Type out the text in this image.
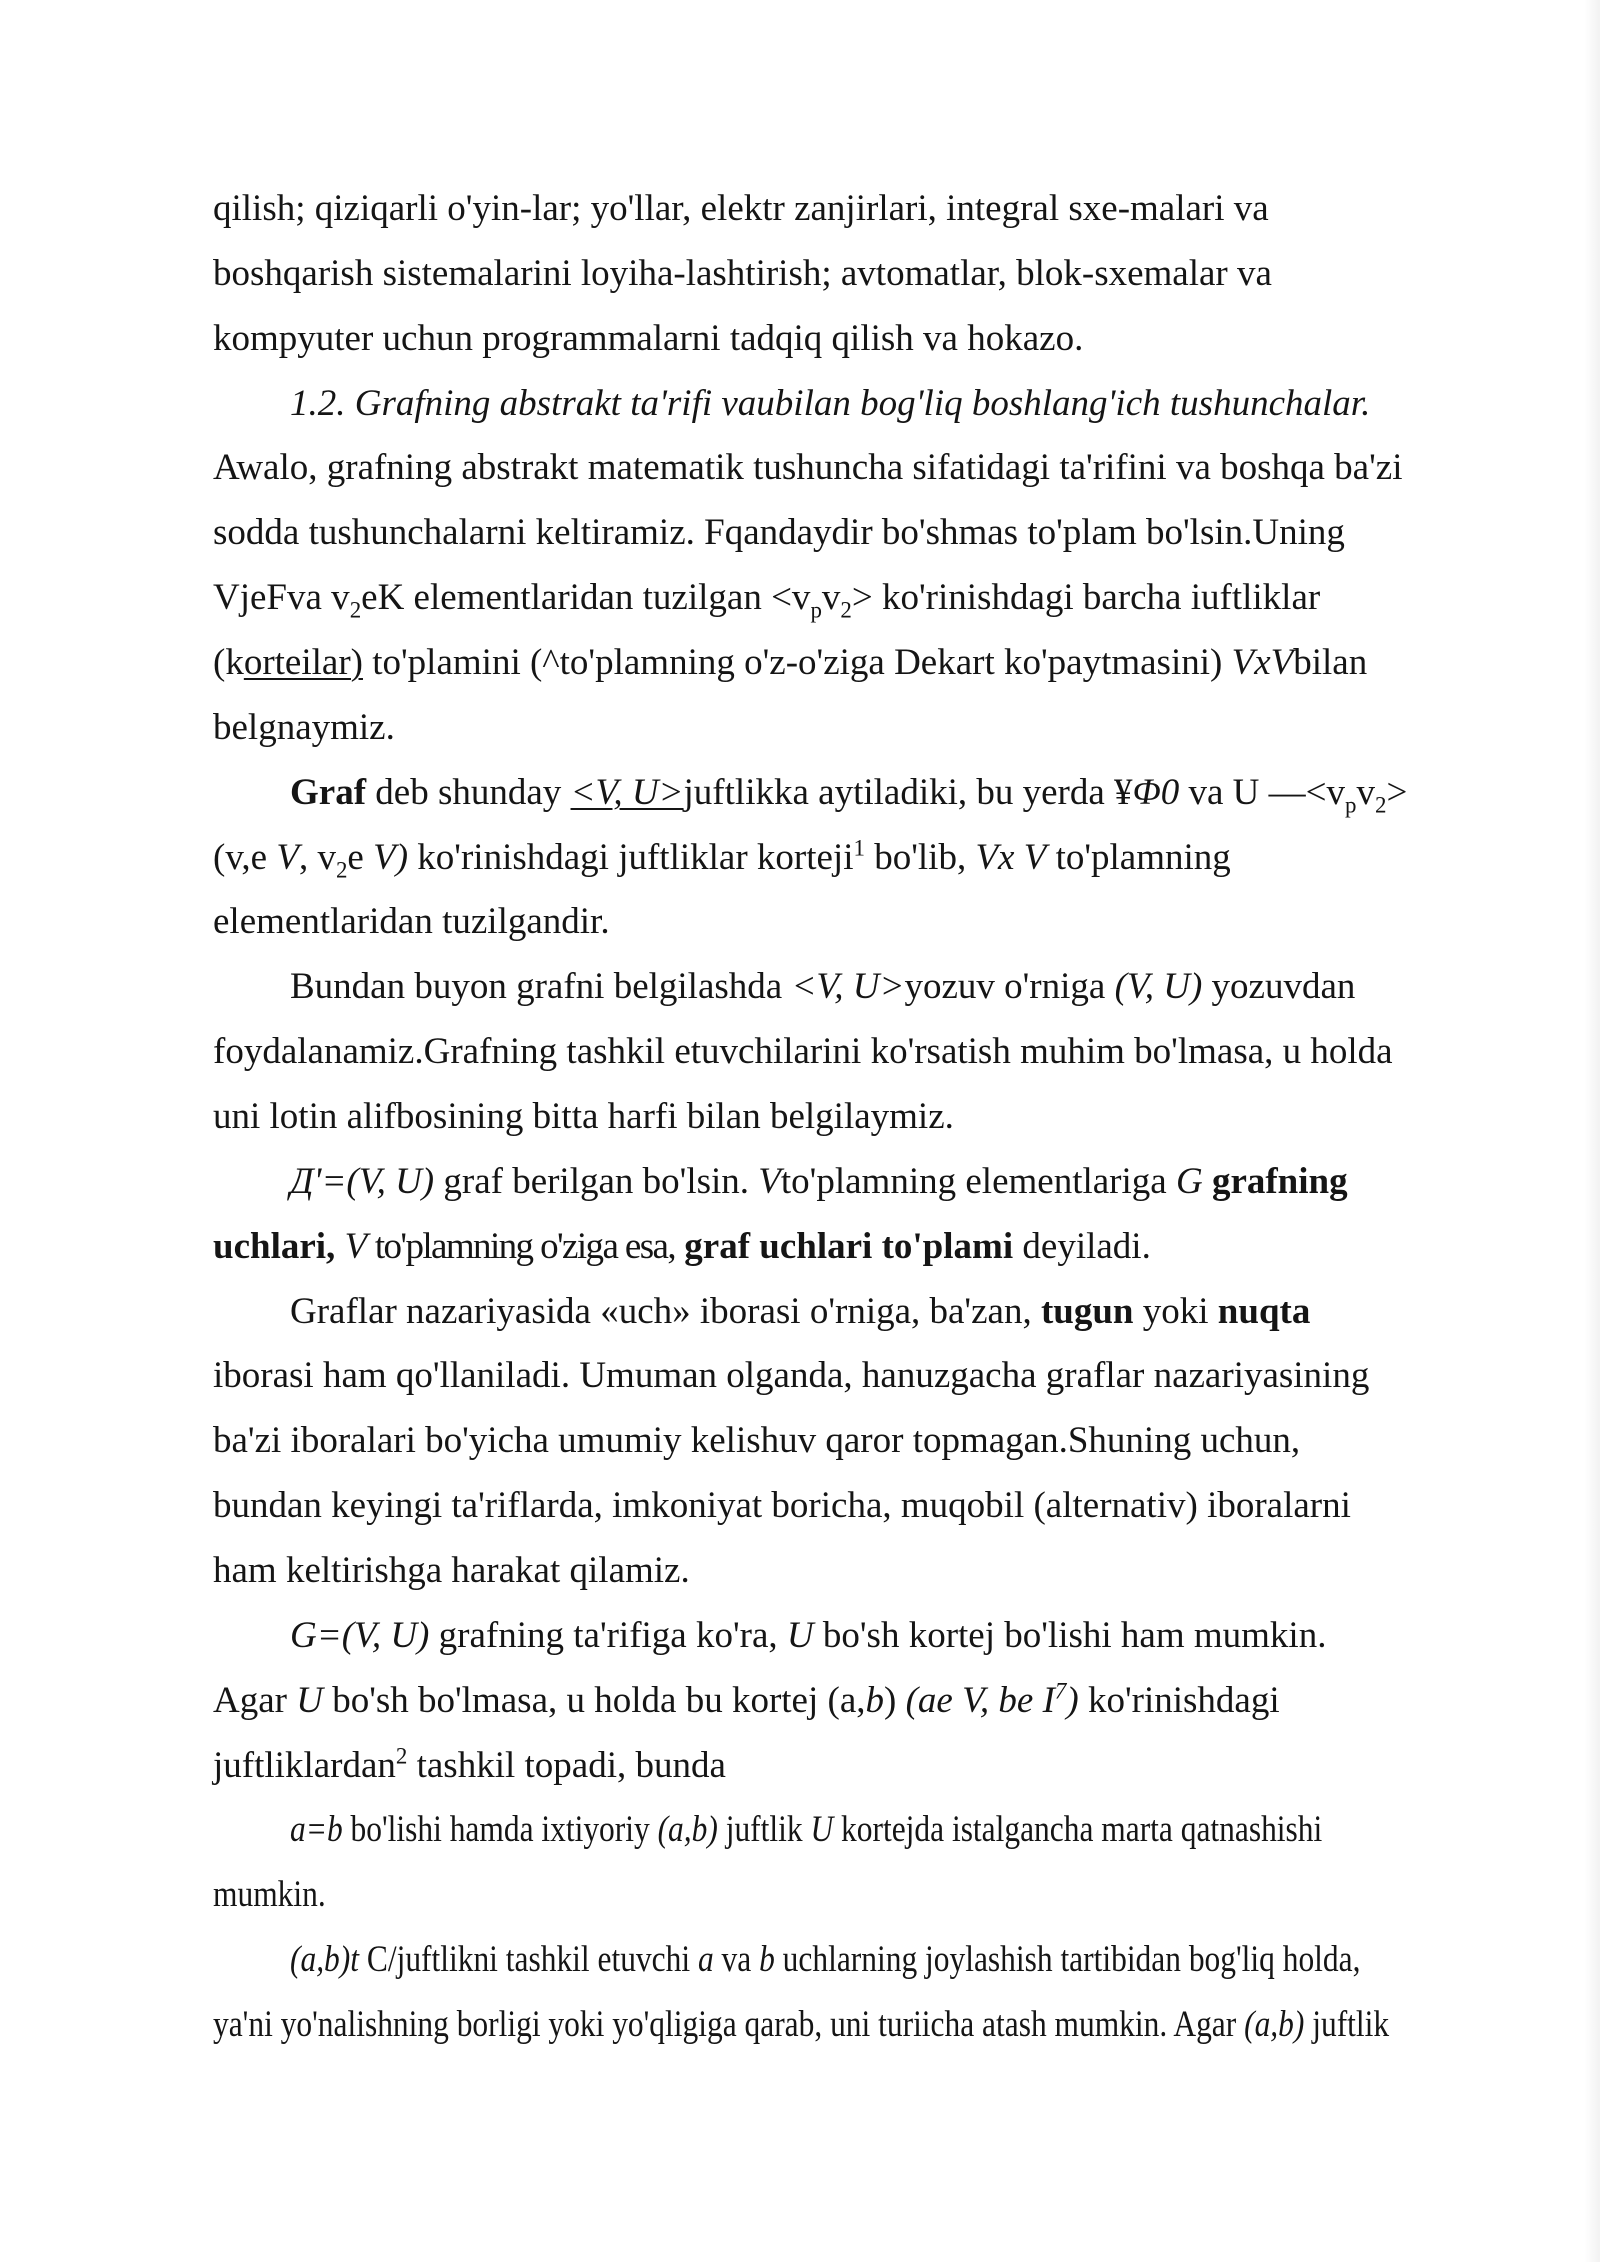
qilish; qiziqarli o'yin-lar; yo'llar, elektr zanjirlari, integral sxe-malari va
boshqarish sistemalarini loyiha-lashtirish; avtomatlar, blok-sxemalar va
kompyuter uchun programmalarni tadqiq qilish va hokazo.
1.2. Grafning abstrakt ta'rifi vaubilan bog'liq boshlang'ich tushunchalar.
Awalo, grafning abstrakt matematik tushuncha sifatidagi ta'rifini va boshqa ba'zi
sodda tushunchalarni keltiramiz. Fqandaydir bo'shmas to'plam bo'lsin.Uning
VjeFva $v_2eK$ elementlaridan tuzilgan $<v_pv_2>$ ko'rinishdagi barcha iuftliklar
(korteilar) to'plamini (^to'plamning o'z-o'ziga Dekart ko'paytmasini) VxVbilan
belgnaymiz.
Graf deb shunday <V, U>juftlikka aytiladiki, bu yerda ¥Φ0 va U $—<v_pv_2>$
(v,e V, $v_2e$ V) ko'rinishdagi juftliklar korteji$^1$ bo'lib, Vx V to'plamning
elementlaridan tuzilgandir.
Bundan buyon grafni belgilashda <V, U>yozuv o'rniga (V, U) yozuvdan
foydalanamiz.Grafning tashkil etuvchilarini ko'rsatish muhim bo'lmasa, u holda
uni lotin alifbosining bitta harfi bilan belgilaymiz.
Д'=(V, U) graf berilgan bo'lsin. Vto'plamning elementlariga G grafning
uchlari, V to'plamning o'ziga esa, graf uchlari to'plami deyiladi.
Graflar nazariyasida «uch» iborasi o'rniga, ba'zan, tugun yoki nuqta
iborasi ham qo'llaniladi. Umuman olganda, hanuzgacha graflar nazariyasining
ba'zi iboralari bo'yicha umumiy kelishuv qaror topmagan.Shuning uchun,
bundan keyingi ta'riflarda, imkoniyat boricha, muqobil (alternativ) iboralarni
ham keltirishga harakat qilamiz.
G=(V, U) grafning ta'rifiga ko'ra, U bo'sh kortej bo'lishi ham mumkin.
Agar U bo'sh bo'lmasa, u holda bu kortej (a,b) (ae V, be $I^7$) ko'rinishdagi
juftliklardan$^2$ tashkil topadi, bunda
a=b bo'lishi hamda ixtiyoriy (a,b) juftlik U kortejda istalgancha marta qatnashishi
mumkin.
(a,b)t C/juftlikni tashkil etuvchi a va b uchlarning joylashish tartibidan bog'liq holda,
ya'ni yo'nalishning borligi yoki yo'qligiga qarab, uni turiicha atash mumkin. Agar (a,b) juftlik
